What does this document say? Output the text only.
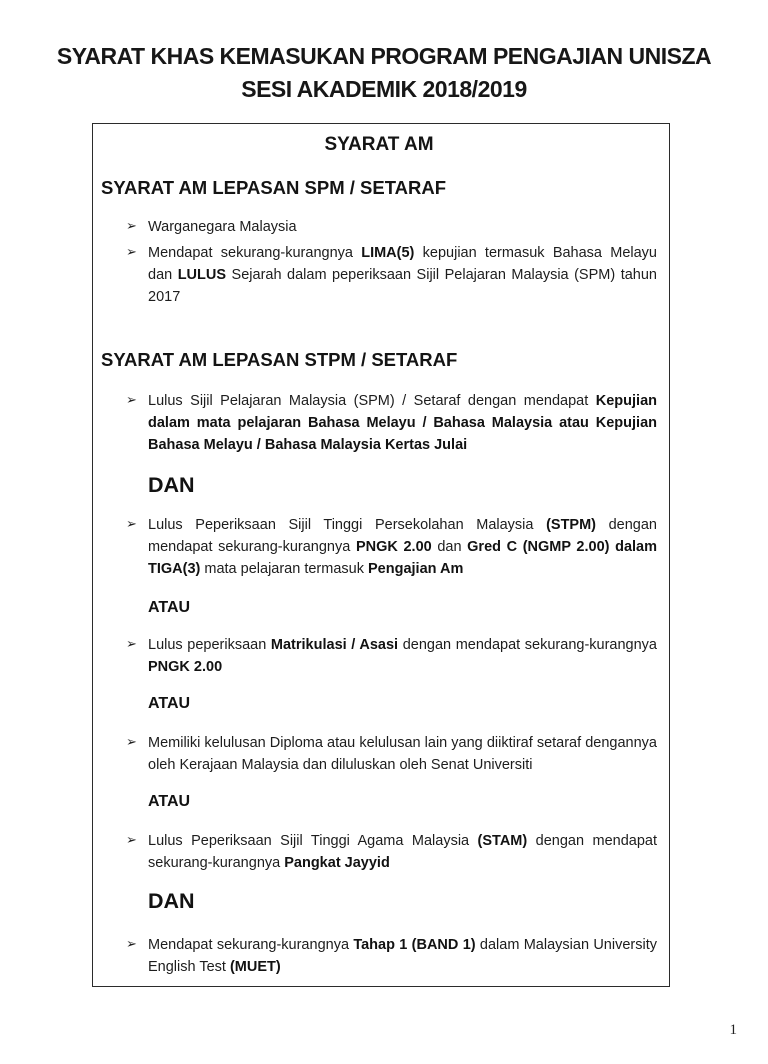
SYARAT KHAS KEMASUKAN PROGRAM PENGAJIAN UNISZA
SESI AKADEMIK 2018/2019
SYARAT AM
SYARAT AM LEPASAN SPM / SETARAF
➢ Warganegara Malaysia
➢ Mendapat sekurang-kurangnya LIMA(5) kepujian termasuk Bahasa Melayu dan LULUS Sejarah dalam peperiksaan Sijil Pelajaran Malaysia (SPM) tahun 2017
SYARAT AM LEPASAN STPM / SETARAF
➢ Lulus Sijil Pelajaran Malaysia (SPM) / Setaraf dengan mendapat Kepujian dalam mata pelajaran Bahasa Melayu / Bahasa Malaysia atau Kepujian Bahasa Melayu / Bahasa Malaysia Kertas Julai
DAN
➢ Lulus Peperiksaan Sijil Tinggi Persekolahan Malaysia (STPM) dengan mendapat sekurang-kurangnya PNGK 2.00 dan Gred C (NGMP 2.00) dalam TIGA(3) mata pelajaran termasuk Pengajian Am
ATAU
➢ Lulus peperiksaan Matrikulasi / Asasi dengan mendapat sekurang-kurangnya PNGK 2.00
ATAU
➢ Memiliki kelulusan Diploma atau kelulusan lain yang diiktiraf setaraf dengannya oleh Kerajaan Malaysia dan diluluskan oleh Senat Universiti
ATAU
➢ Lulus Peperiksaan Sijil Tinggi Agama Malaysia (STAM) dengan mendapat sekurang-kurangnya Pangkat Jayyid
DAN
➢ Mendapat sekurang-kurangnya Tahap 1 (BAND 1) dalam Malaysian University English Test (MUET)
1
